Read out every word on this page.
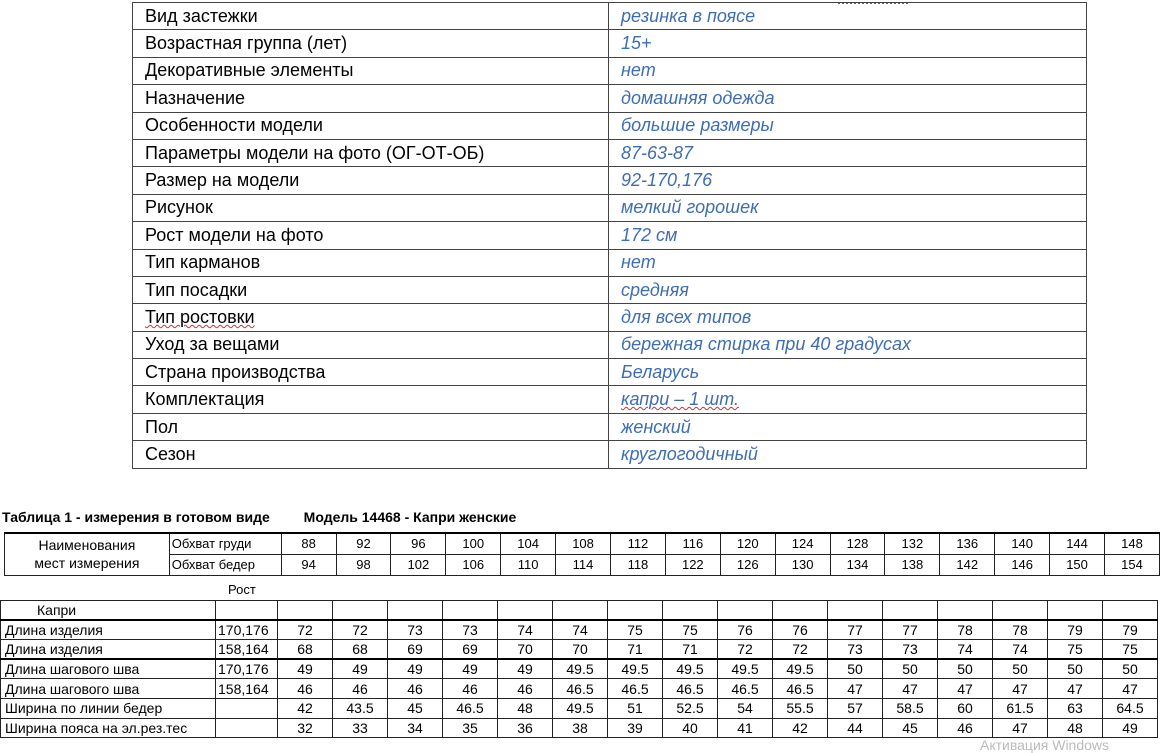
Вид застежки	резинка в поясе
Возрастная группа (лет)	15+
Декоративные элементы	нет
Назначение	домашняя одежда
Особенности модели	большие размеры
Параметры модели на фото (ОГ-ОТ-ОБ)	87-63-87
Размер на модели	92-170,176
Рисунок	мелкий горошек
Рост модели на фото	172 см
Тип карманов	нет
Тип посадки	средняя
Тип ростовки	для всех типов
Уход за вещами	бережная стирка при 40 градусах
Страна производства	Беларусь
Комплектация	капри – 1 шт.
Пол	женский
Сезон	круглогодичный
Таблица 1 - измерения в готовом виде Модель 14468 - Капри женские
Наименования
мест измерения	Обхват груди	88	92	96	100	104	108	112	116	120	124	128	132	136	140	144	148
	Обхват бедер	94	98	102	106	110	114	118	122	126	130	134	138	142	146	150	154
Рост
Капри																	
Длина изделия	170,176	72	72	73	73	74	74	75	75	76	76	77	77	78	78	79	79
Длина изделия	158,164	68	68	69	69	70	70	71	71	72	72	73	73	74	74	75	75
Длина шагового шва	170,176	49	49	49	49	49	49.5	49.5	49.5	49.5	49.5	50	50	50	50	50	50
Длина шагового шва	158,164	46	46	46	46	46	46.5	46.5	46.5	46.5	46.5	47	47	47	47	47	47
Ширина по линии бедер		42	43.5	45	46.5	48	49.5	51	52.5	54	55.5	57	58.5	60	61.5	63	64.5
Ширина пояса на эл.рез.тес		32	33	34	35	36	38	39	40	41	42	44	45	46	47	48	49
Активация Windows
